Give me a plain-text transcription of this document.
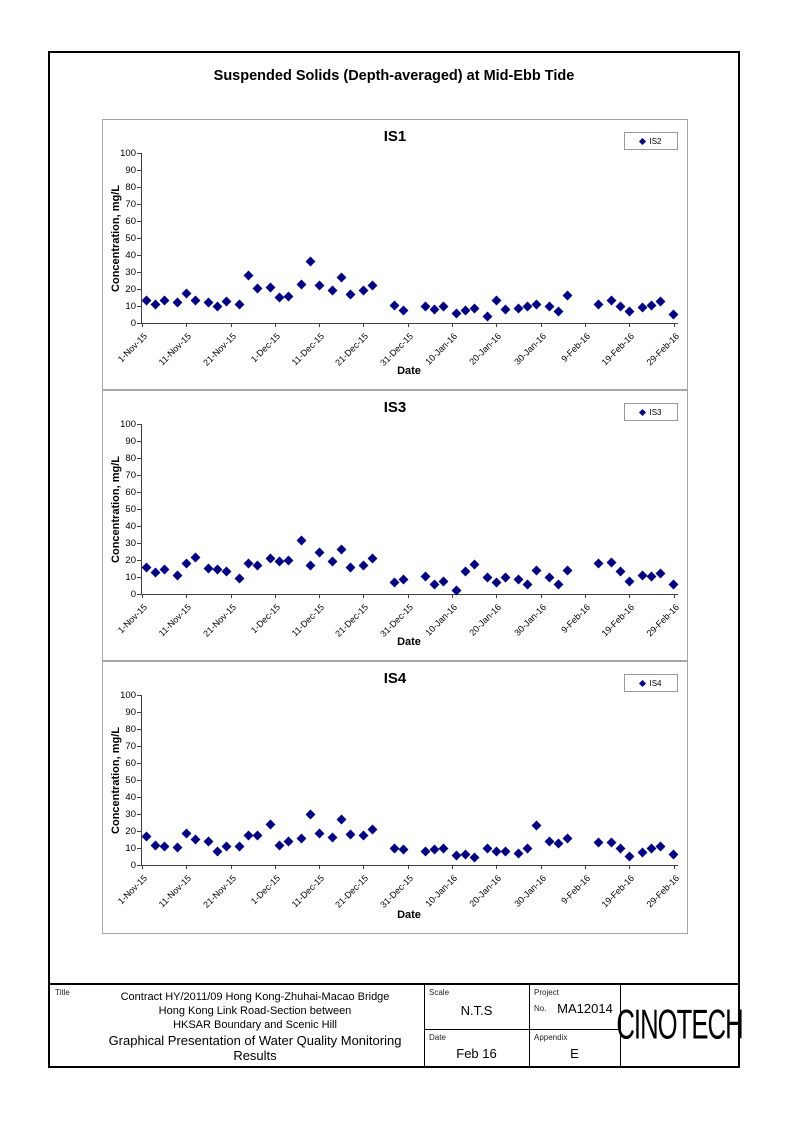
Suspended Solids (Depth-averaged) at Mid-Ebb Tide
IS1	IS2
Concentration, mg/L
0
10
20
30
40
50
60
70
80
90
100
1-Nov-15 11-Nov-15 21-Nov-15	1-Dec-15 11-Dec-15 21-Dec-15 31-Dec-15 10-Jan-16 20-Jan-16 30-Jan-16	9-Feb-16 19-Feb-16 29-Feb-16
Date
IS3	IS3
Concentration, mg/L
0
10
20
30
40
50
60
70
80
90
100
1-Nov-15 11-Nov-15 21-Nov-15	1-Dec-15 11-Dec-15 21-Dec-15 31-Dec-15 10-Jan-16 20-Jan-16 30-Jan-16	9-Feb-16 19-Feb-16 29-Feb-16
Date
IS4	IS4
Concentration, mg/L
0
10
20
30
40
50
60
70
80
90
100
1-Nov-15 11-Nov-15 21-Nov-15	1-Dec-15 11-Dec-15 21-Dec-15 31-Dec-15 10-Jan-16 20-Jan-16 30-Jan-16	9-Feb-16 19-Feb-16 29-Feb-16
Date
Title	Contract HY/2011/09 Hong Kong-Zhuhai-Macao Bridge
Hong Kong Link Road-Section between
HKSAR Boundary and Scenic Hill
Graphical Presentation of Water Quality Monitoring
Results
Scale
N.T.S
Project
No. MA12014
Date
Feb 16
Appendix
E
CINOTECH
